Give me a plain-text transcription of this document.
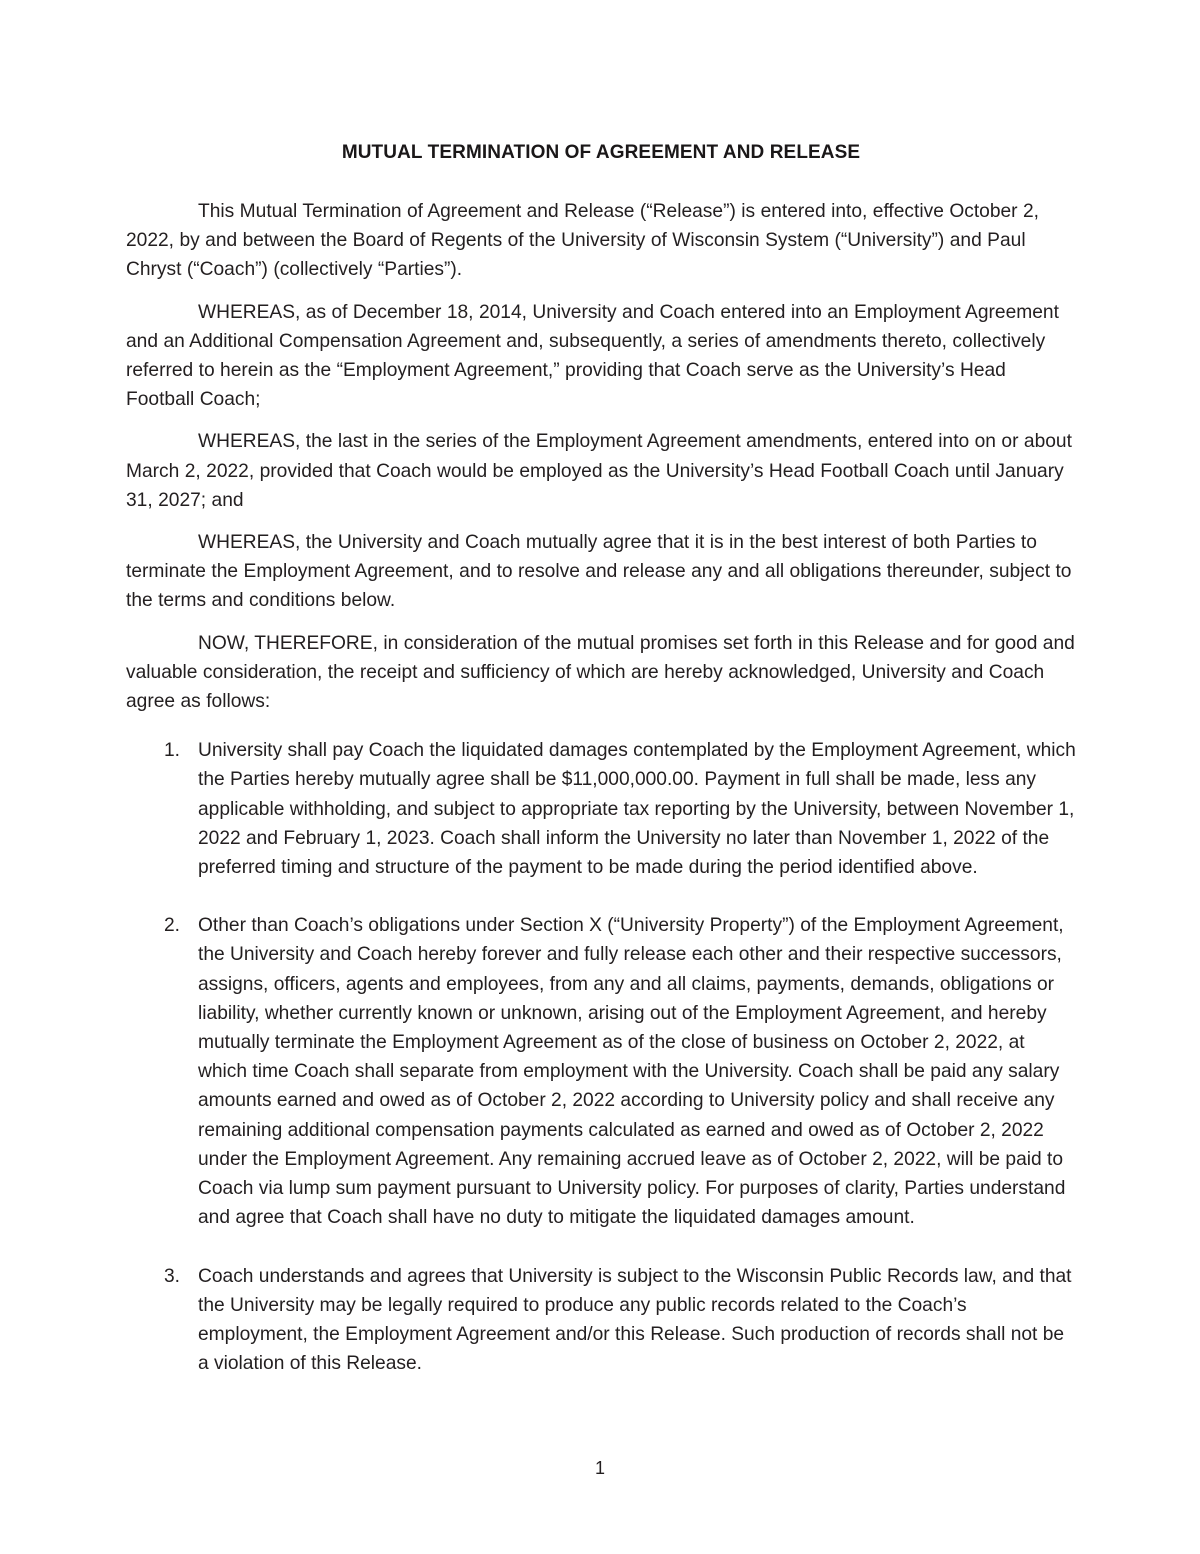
MUTUAL TERMINATION OF AGREEMENT AND RELEASE

This Mutual Termination of Agreement and Release (“Release”) is entered into, effective October 2, 2022, by and between the Board of Regents of the University of Wisconsin System (“University”) and Paul Chryst (“Coach”) (collectively “Parties”).

WHEREAS, as of December 18, 2014, University and Coach entered into an Employment Agreement and an Additional Compensation Agreement and, subsequently, a series of amendments thereto, collectively referred to herein as the “Employment Agreement,” providing that Coach serve as the University’s Head Football Coach;

WHEREAS, the last in the series of the Employment Agreement amendments, entered into on or about March 2, 2022, provided that Coach would be employed as the University’s Head Football Coach until January 31, 2027; and

WHEREAS, the University and Coach mutually agree that it is in the best interest of both Parties to terminate the Employment Agreement, and to resolve and release any and all obligations thereunder, subject to the terms and conditions below.

NOW, THEREFORE, in consideration of the mutual promises set forth in this Release and for good and valuable consideration, the receipt and sufficiency of which are hereby acknowledged, University and Coach agree as follows:

1. University shall pay Coach the liquidated damages contemplated by the Employment Agreement, which the Parties hereby mutually agree shall be $11,000,000.00. Payment in full shall be made, less any applicable withholding, and subject to appropriate tax reporting by the University, between November 1, 2022 and February 1, 2023. Coach shall inform the University no later than November 1, 2022 of the preferred timing and structure of the payment to be made during the period identified above.
2. Other than Coach’s obligations under Section X (“University Property”) of the Employment Agreement, the University and Coach hereby forever and fully release each other and their respective successors, assigns, officers, agents and employees, from any and all claims, payments, demands, obligations or liability, whether currently known or unknown, arising out of the Employment Agreement, and hereby mutually terminate the Employment Agreement as of the close of business on October 2, 2022, at which time Coach shall separate from employment with the University. Coach shall be paid any salary amounts earned and owed as of October 2, 2022 according to University policy and shall receive any remaining additional compensation payments calculated as earned and owed as of October 2, 2022 under the Employment Agreement. Any remaining accrued leave as of October 2, 2022, will be paid to Coach via lump sum payment pursuant to University policy. For purposes of clarity, Parties understand and agree that Coach shall have no duty to mitigate the liquidated damages amount.
3. Coach understands and agrees that University is subject to the Wisconsin Public Records law, and that the University may be legally required to produce any public records related to the Coach’s employment, the Employment Agreement and/or this Release. Such production of records shall not be a violation of this Release.
1
